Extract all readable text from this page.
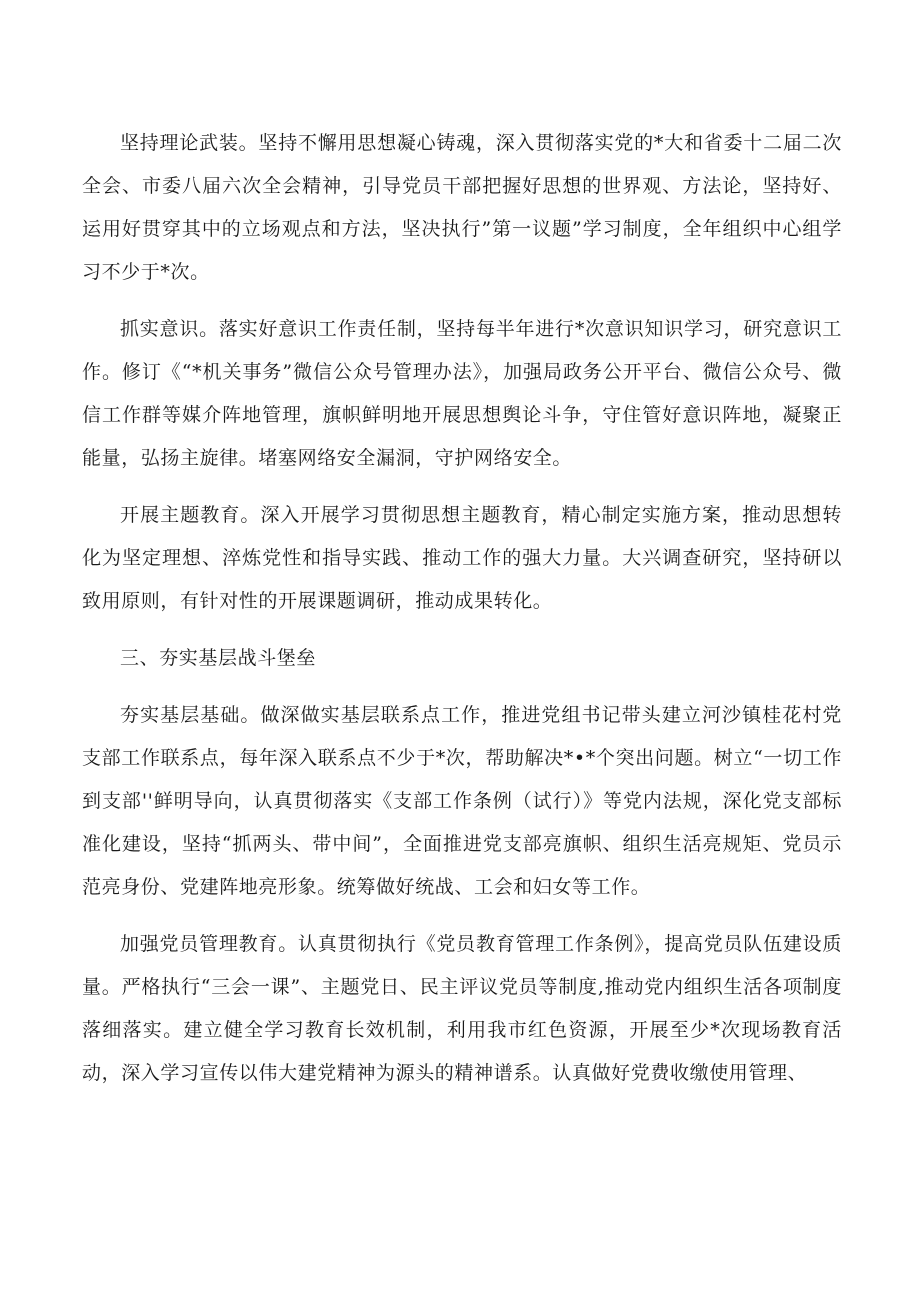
坚持理论武装。坚持不懈用思想凝心铸魂，深入贯彻落实党的*大和省委十二届二次全会、市委八届六次全会精神，引导党员干部把握好思想的世界观、方法论，坚持好、运用好贯穿其中的立场观点和方法，坚决执行”第一议题”学习制度，全年组织中心组学习不少于*次。

抓实意识。落实好意识工作责任制，坚持每半年进行*次意识知识学习，研究意识工作。修订《“*机关事务”微信公众号管理办法》，加强局政务公开平台、微信公众号、微信工作群等媒介阵地管理，旗帜鲜明地开展思想舆论斗争，守住管好意识阵地，凝聚正能量，弘扬主旋律。堵塞网络安全漏洞，守护网络安全。

开展主题教育。深入开展学习贯彻思想主题教育，精心制定实施方案，推动思想转化为坚定理想、淬炼党性和指导实践、推动工作的强大力量。大兴调查研究，坚持研以致用原则，有针对性的开展课题调研，推动成果转化。

三、夯实基层战斗堡垒

夯实基层基础。做深做实基层联系点工作，推进党组书记带头建立河沙镇桂花村党支部工作联系点，每年深入联系点不少于*次，帮助解决*•*个突出问题。树立“一切工作到支部''鲜明导向，认真贯彻落实《支部工作条例（试行）》等党内法规，深化党支部标准化建设，坚持“抓两头、带中间”，全面推进党支部亮旗帜、组织生活亮规矩、党员示范亮身份、党建阵地亮形象。统筹做好统战、工会和妇女等工作。

加强党员管理教育。认真贯彻执行《党员教育管理工作条例》，提高党员队伍建设质量。严格执行“三会一课”、主题党日、民主评议党员等制度,推动党内组织生活各项制度落细落实。建立健全学习教育长效机制，利用我市红色资源，开展至少*次现场教育活动，深入学习宣传以伟大建党精神为源头的精神谱系。认真做好党费收缴使用管理、
